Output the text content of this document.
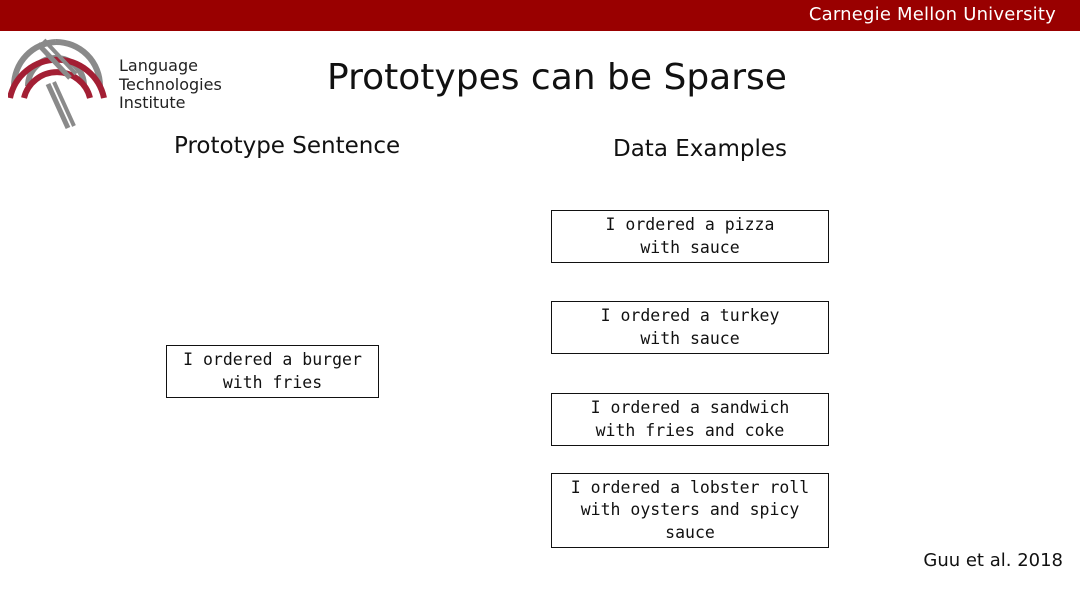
Carnegie Mellon University
Language
Technologies
Institute
Prototypes can be Sparse
Prototype Sentence	Data Examples
I ordered a burger
with fries
I ordered a pizza
with sauce
I ordered a turkey
with sauce
I ordered a sandwich
with fries and coke
I ordered a lobster roll
with oysters and spicy
sauce
Guu et al. 2018
